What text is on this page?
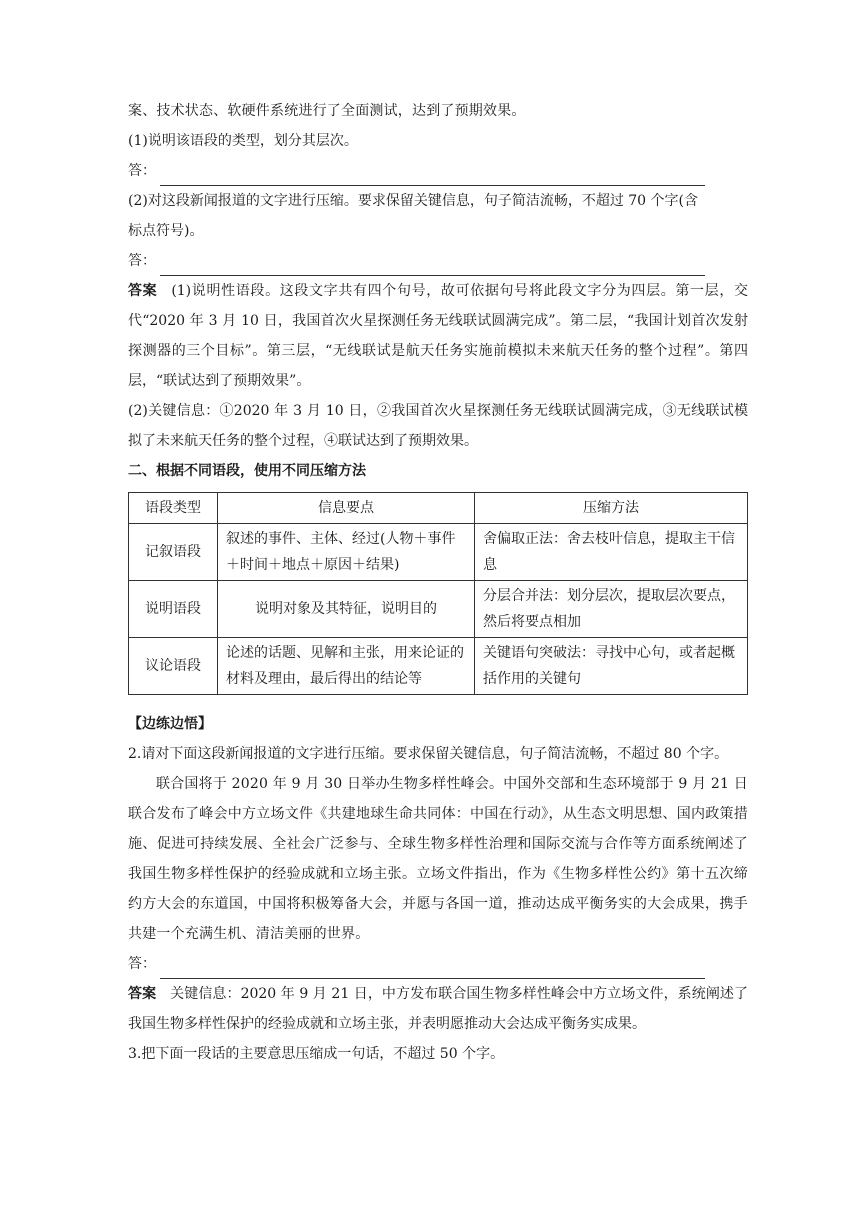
案、技术状态、软硬件系统进行了全面测试，达到了预期效果。
(1)说明该语段的类型，划分其层次。
答：
(2)对这段新闻报道的文字进行压缩。要求保留关键信息，句子简洁流畅，不超过 70 个字(含
标点符号)。
答：
答案 (1)说明性语段。这段文字共有四个句号，故可依据句号将此段文字分为四层。第一层，交代“2020 年 3 月 10 日，我国首次火星探测任务无线联试圆满完成”。第二层，“我国计划首次发射探测器的三个目标”。第三层，“无线联试是航天任务实施前模拟未来航天任务的整个过程”。第四层，“联试达到了预期效果”。
(2)关键信息：①2020 年 3 月 10 日，②我国首次火星探测任务无线联试圆满完成，③无线联试模拟了未来航天任务的整个过程，④联试达到了预期效果。
二、根据不同语段，使用不同压缩方法
语段类型	信息要点	压缩方法
记叙语段	叙述的事件、主体、经过(人物＋事件＋时间＋地点＋原因＋结果)	舍偏取正法：舍去枝叶信息，提取主干信息
说明语段	说明对象及其特征，说明目的	分层合并法：划分层次，提取层次要点，然后将要点相加
议论语段	论述的话题、见解和主张，用来论证的材料及理由，最后得出的结论等	关键语句突破法：寻找中心句，或者起概括作用的关键句
【边练边悟】
2.请对下面这段新闻报道的文字进行压缩。要求保留关键信息，句子简洁流畅，不超过 80 个字。
联合国将于 2020 年 9 月 30 日举办生物多样性峰会。中国外交部和生态环境部于 9 月 21 日联合发布了峰会中方立场文件《共建地球生命共同体：中国在行动》，从生态文明思想、国内政策措施、促进可持续发展、全社会广泛参与、全球生物多样性治理和国际交流与合作等方面系统阐述了我国生物多样性保护的经验成就和立场主张。立场文件指出，作为《生物多样性公约》第十五次缔约方大会的东道国，中国将积极筹备大会，并愿与各国一道，推动达成平衡务实的大会成果，携手共建一个充满生机、清洁美丽的世界。
答：
答案 关键信息：2020 年 9 月 21 日，中方发布联合国生物多样性峰会中方立场文件，系统阐述了我国生物多样性保护的经验成就和立场主张，并表明愿推动大会达成平衡务实成果。
3.把下面一段话的主要意思压缩成一句话，不超过 50 个字。
